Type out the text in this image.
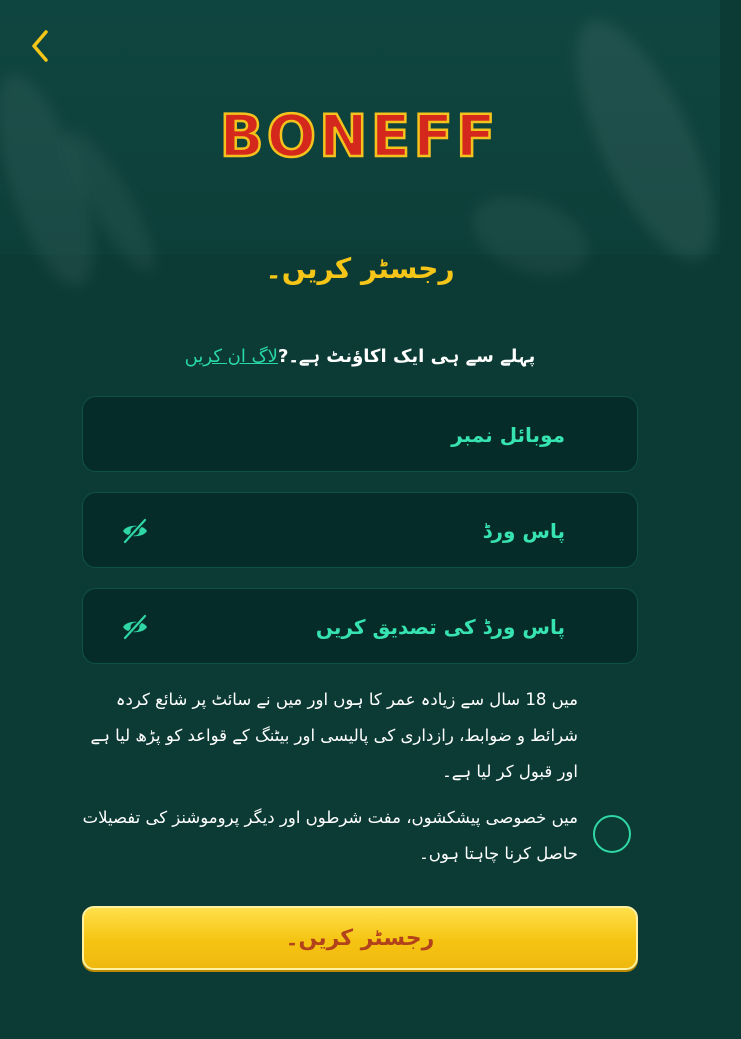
BONEFF
رجسٹر کریں۔
پہلے سے ہی ایک اکاؤنٹ ہے۔?لاگ ان کریں
موبائل نمبر
پاس ورڈ
پاس ورڈ کی تصدیق کریں
میں 18 سال سے زیادہ عمر کا ہوں اور میں نے سائٹ پر شائع کردہ شرائط و ضوابط، رازداری کی پالیسی اور بیٹنگ کے قواعد کو پڑھ لیا ہے اور قبول کر لیا ہے۔
میں خصوصی پیشکشوں، مفت شرطوں اور دیگر پروموشنز کی تفصیلات حاصل کرنا چاہتا ہوں۔
رجسٹر کریں۔
